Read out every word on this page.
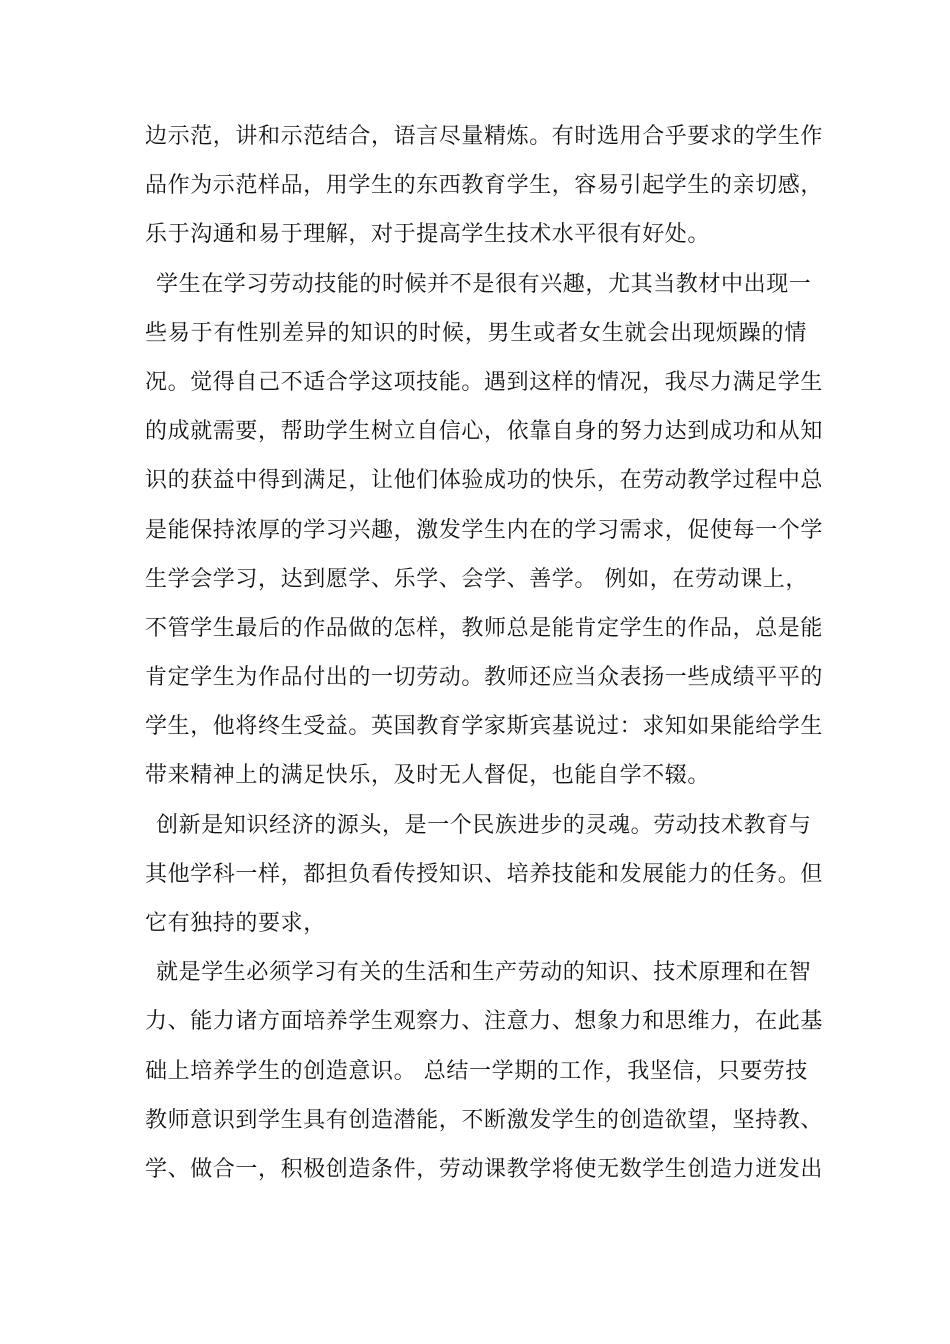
边示范，讲和示范结合，语言尽量精炼。有时选用合乎要求的学生作
品作为示范样品，用学生的东西教育学生，容易引起学生的亲切感，
乐于沟通和易于理解，对于提高学生技术水平很有好处。
学生在学习劳动技能的时候并不是很有兴趣，尤其当教材中出现一
些易于有性别差异的知识的时候，男生或者女生就会出现烦躁的情
况。觉得自己不适合学这项技能。遇到这样的情况，我尽力满足学生
的成就需要，帮助学生树立自信心，依靠自身的努力达到成功和从知
识的获益中得到满足，让他们体验成功的快乐，在劳动教学过程中总
是能保持浓厚的学习兴趣，激发学生内在的学习需求，促使每一个学
生学会学习，达到愿学、乐学、会学、善学。 例如，在劳动课上，
不管学生最后的作品做的怎样，教师总是能肯定学生的作品，总是能
肯定学生为作品付出的一切劳动。教师还应当众表扬一些成绩平平的
学生，他将终生受益。英国教育学家斯宾基说过：求知如果能给学生
带来精神上的满足快乐，及时无人督促，也能自学不辍。
创新是知识经济的源头，是一个民族进步的灵魂。劳动技术教育与
其他学科一样，都担负看传授知识、培养技能和发展能力的任务。但
它有独持的要求，
就是学生必须学习有关的生活和生产劳动的知识、技术原理和在智
力、能力诸方面培养学生观察力、注意力、想象力和思维力，在此基
础上培养学生的创造意识。 总结一学期的工作，我坚信，只要劳技
教师意识到学生具有创造潜能，不断激发学生的创造欲望，坚持教、
学、做合一，积极创造条件，劳动课教学将使无数学生创造力迸发出
